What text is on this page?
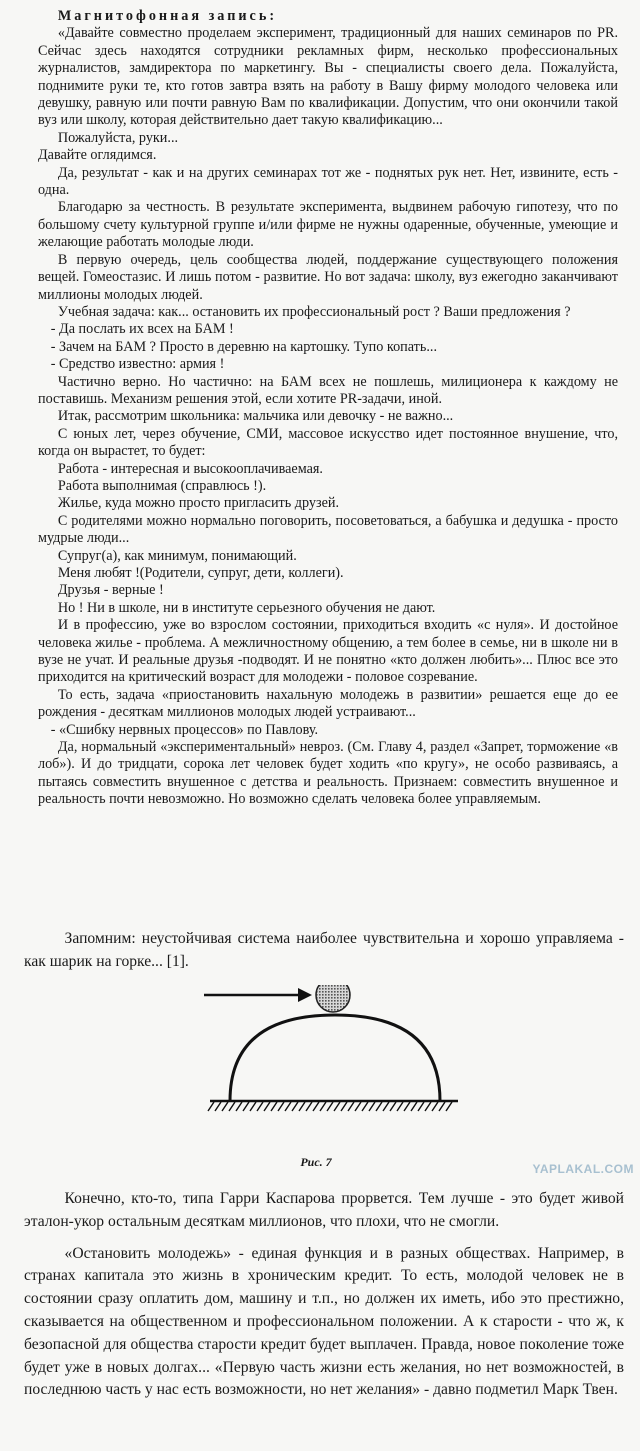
Магнитофонная запись:

«Давайте совместно проделаем эксперимент, традиционный для наших семинаров по PR. Сейчас здесь находятся сотрудники рекламных фирм, несколько профессиональных журналистов, замдиректора по маркетингу. Вы - специалисты своего дела. Пожалуйста, поднимите руки те, кто готов завтра взять на работу в Вашу фирму молодого человека или девушку, равную или почти равную Вам по квалификации. Допустим, что они окончили такой вуз или школу, которая действительно дает такую квалификацию...

Пожалуйста, руки...

Давайте оглядимся.

Да, результат - как и на других семинарах тот же - поднятых рук нет. Нет, извините, есть - одна.

Благодарю за честность. В результате эксперимента, выдвинем рабочую гипотезу, что по большому счету культурной группе и/или фирме не нужны одаренные, обученные, умеющие и желающие работать молодые люди.

В первую очередь, цель сообщества людей, поддержание существующего положения вещей. Гомеостазис. И лишь потом - развитие. Но вот задача: школу, вуз ежегодно заканчивают миллионы молодых людей.

Учебная задача: как... остановить их профессиональный рост ? Ваши предложения ?

- Да послать их всех на БАМ !

- Зачем на БАМ ? Просто в деревню на картошку. Тупо копать...

- Средство известно: армия !

Частично верно. Но частично: на БАМ всех не пошлешь, милиционера к каждому не поставишь. Механизм решения этой, если хотите PR-задачи, иной.

Итак, рассмотрим школьника: мальчика или девочку - не важно...

С юных лет, через обучение, СМИ, массовое искусство идет постоянное внушение, что, когда он вырастет, то будет:

Работа - интересная и высокооплачиваемая.

Работа выполнимая (справлюсь !).

Жилье, куда можно просто пригласить друзей.

С родителями можно нормально поговорить, посоветоваться, а бабушка и дедушка - просто мудрые люди...

Супруг(а), как минимум, понимающий.

Меня любят !(Родители, супруг, дети, коллеги).

Друзья - верные !

Но ! Ни в школе, ни в институте серьезного обучения не дают.

И в профессию, уже во взрослом состоянии, приходиться входить «с нуля». И достойное человека жилье - проблема. А межличностному общению, а тем более в семье, ни в школе ни в вузе не учат. И реальные друзья -подводят. И не понятно «кто должен любить»... Плюс все это приходится на критический возраст для молодежи - половое созревание.

То есть, задача «приостановить нахальную молодежь в развитии» решается еще до ее рождения - десяткам миллионов молодых людей устраивают...

- «Сшибку нервных процессов» по Павлову.

Да, нормальный «экспериментальный» невроз. (См. Главу 4, раздел «Запрет, торможение «в лоб»). И до тридцати, сорока лет человек будет ходить «по кругу», не особо развиваясь, а пытаясь совместить внушенное с детства и реальность. Признаем: совместить внушенное и реальность почти невозможно. Но возможно сделать человека более управляемым.

Запомним: неустойчивая система наиболее чувствительна и хорошо управляема - как шарик на горке... [1].

Рис. 7	YAPLAKAL.COM

Конечно, кто-то, типа Гарри Каспарова прорвется. Тем лучше - это будет живой эталон-укор остальным десяткам миллионов, что плохи, что не смогли.

«Остановить молодежь» - единая функция и в разных обществах. Например, в странах капитала это жизнь в хроническим кредит. То есть, молодой человек не в состоянии сразу оплатить дом, машину и т.п., но должен их иметь, ибо это престижно, сказывается на общественном и профессиональном положении. А к старости - что ж, к безопасной для общества старости кредит будет выплачен. Правда, новое поколение тоже будет уже в новых долгах... «Первую часть жизни есть желания, но нет возможностей, в последнюю часть у нас есть возможности, но нет желания» - давно подметил Марк Твен.
